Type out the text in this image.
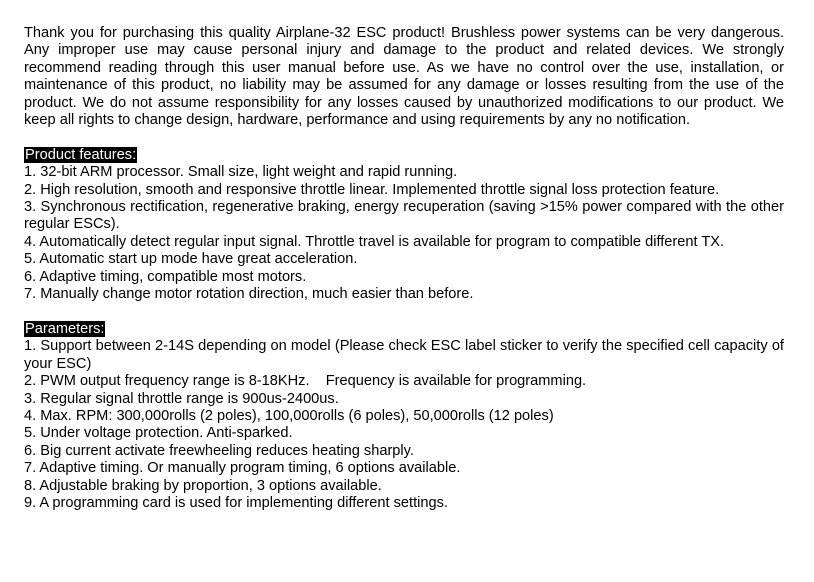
Thank you for purchasing this quality Airplane-32 ESC product! Brushless power systems can be very dangerous. Any improper use may cause personal injury and damage to the product and related devices. We strongly recommend reading through this user manual before use. As we have no control over the use, installation, or maintenance of this product, no liability may be assumed for any damage or losses resulting from the use of the product. We do not assume responsibility for any losses caused by unauthorized modifications to our product. We keep all rights to change design, hardware, performance and using requirements by any no notification.

Product features:

1. 32-bit ARM processor. Small size, light weight and rapid running.
2. High resolution, smooth and responsive throttle linear. Implemented throttle signal loss protection feature.
3. Synchronous rectification, regenerative braking, energy recuperation (saving >15% power compared with the other regular ESCs).
4. Automatically detect regular input signal. Throttle travel is available for program to compatible different TX.
5. Automatic start up mode have great acceleration.
6. Adaptive timing, compatible most motors.
7. Manually change motor rotation direction, much easier than before.

Parameters:

1. Support between 2-14S depending on model (Please check ESC label sticker to verify the specified cell capacity of your ESC)
2. PWM output frequency range is 8-18KHz.    Frequency is available for programming.
3. Regular signal throttle range is 900us-2400us.
4. Max. RPM: 300,000rolls (2 poles), 100,000rolls (6 poles), 50,000rolls (12 poles)
5. Under voltage protection. Anti-sparked.
6. Big current activate freewheeling reduces heating sharply.
7. Adaptive timing. Or manually program timing, 6 options available.
8. Adjustable braking by proportion, 3 options available.
9. A programming card is used for implementing different settings.
